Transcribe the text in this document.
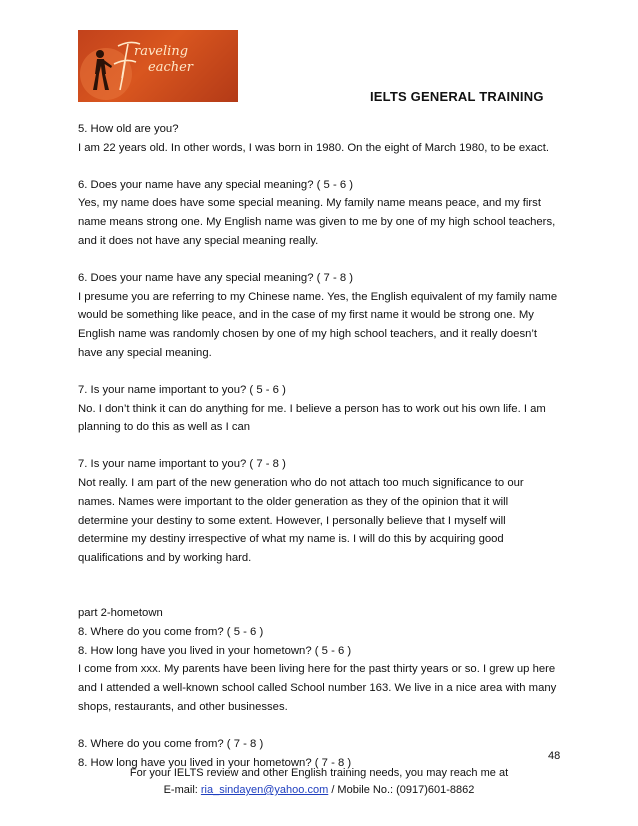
raveling
eacher
IELTS GENERAL TRAINING

5. How old are you?

I am 22 years old. In other words, I was born in 1980. On the eight of March 1980, to be exact.

6. Does your name have any special meaning? ( 5 - 6 )

Yes, my name does have some special meaning. My family name means peace, and my first

name means strong one. My English name was given to me by one of my high school teachers,

and it does not have any special meaning really.

6. Does your name have any special meaning? ( 7 - 8 )

I presume you are referring to my Chinese name. Yes, the English equivalent of my family name

would be something like peace, and in the case of my first name it would be strong one. My

English name was randomly chosen by one of my high school teachers, and it really doesn’t

have any special meaning.

7. Is your name important to you? ( 5 - 6 )

No. I don’t think it can do anything for me. I believe a person has to work out his own life. I am

planning to do this as well as I can

7. Is your name important to you? ( 7 - 8 )

Not really. I am part of the new generation who do not attach too much significance to our

names. Names were important to the older generation as they of the opinion that it will

determine your destiny to some extent. However, I personally believe that I myself will

determine my destiny irrespective of what my name is. I will do this by acquiring good

qualifications and by working hard.

part 2-hometown

8. Where do you come from? ( 5 - 6 )

8. How long have you lived in your hometown? ( 5 - 6 )

I come from xxx. My parents have been living here for the past thirty years or so. I grew up here

and I attended a well-known school called School number 163. We live in a nice area with many

shops, restaurants, and other businesses.

8. Where do you come from? ( 7 - 8 )

8. How long have you lived in your hometown? ( 7 - 8 )

48
For your IELTS review and other English training needs, you may reach me at
E-mail: ria_sindayen@yahoo.com / Mobile No.: (0917)601-8862
